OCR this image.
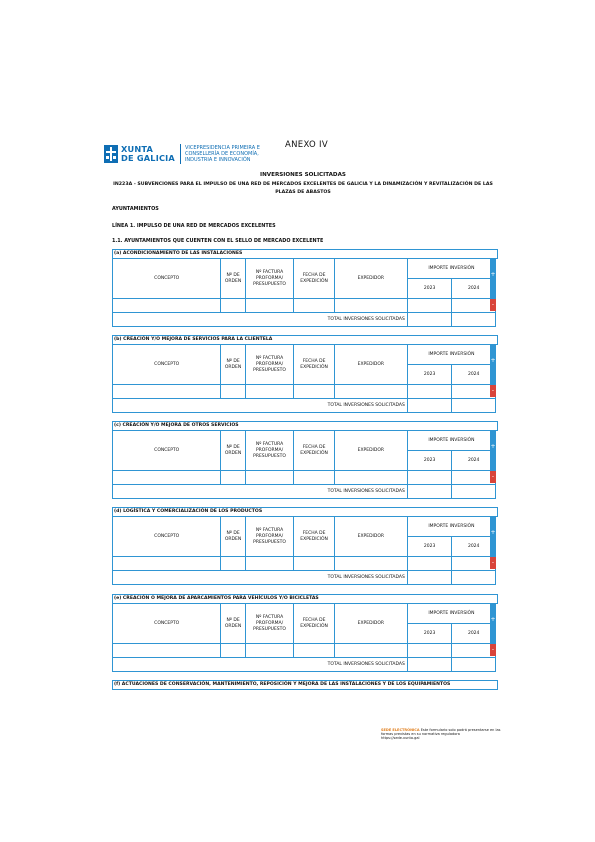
XUNTA
DE GALICIA
VICEPRESIDENCIA PRIMEIRA E
CONSELLERÍA DE ECONOMÍA,
INDUSTRIA E INNOVACIÓN
ANEXO IV
INVERSIONES SOLICITADAS
IN223A - SUBVENCIONES PARA EL IMPULSO DE UNA RED DE MERCADOS EXCELENTES DE GALICIA Y LA DINAMIZACIÓN Y REVITALIZACIÓN DE LAS PLAZAS DE ABASTOS
AYUNTAMIENTOS
LÍNEA 1. IMPULSO DE UNA RED DE MERCADOS EXCELENTES
1.1. AYUNTAMIENTOS QUE CUENTEN CON EL SELLO DE MERCADO EXCELENTE
(a) ACONDICIONAMIENTO DE LAS INSTALACIONES
CONCEPTO	Nº DE ORDEN	Nº FACTURA PROFORMA/ PRESUPUESTO	FECHA DE EXPEDICIÓN	EXPEDIDOR	IMPORTE INVERSIÓN	
					2023	2024

TOTAL INVERSIONES SOLICITADAS						
+
-
(b) CREACIÓN Y/O MEJORA DE SERVICIOS PARA LA CLIENTELA
CONCEPTO	Nº DE ORDEN	Nº FACTURA PROFORMA/ PRESUPUESTO	FECHA DE EXPEDICIÓN	EXPEDIDOR	IMPORTE INVERSIÓN	
					2023	2024

TOTAL INVERSIONES SOLICITADAS						
+
-
(c) CREACIÓN Y/O MEJORA DE OTROS SERVICIOS
CONCEPTO	Nº DE ORDEN	Nº FACTURA PROFORMA/ PRESUPUESTO	FECHA DE EXPEDICIÓN	EXPEDIDOR	IMPORTE INVERSIÓN	
					2023	2024

TOTAL INVERSIONES SOLICITADAS						
+
-
(d) LOGÍSTICA Y COMERCIALIZACIÓN DE LOS PRODUCTOS
CONCEPTO	Nº DE ORDEN	Nº FACTURA PROFORMA/ PRESUPUESTO	FECHA DE EXPEDICIÓN	EXPEDIDOR	IMPORTE INVERSIÓN	
					2023	2024

TOTAL INVERSIONES SOLICITADAS						
+
-
(e) CREACIÓN O MEJORA DE APARCAMIENTOS PARA VEHÍCULOS Y/O BICICLETAS
CONCEPTO	Nº DE ORDEN	Nº FACTURA PROFORMA/ PRESUPUESTO	FECHA DE EXPEDICIÓN	EXPEDIDOR	IMPORTE INVERSIÓN	
					2023	2024

TOTAL INVERSIONES SOLICITADAS						
+
-
(f) ACTUACIONES DE CONSERVACIÓN, MANTENIMIENTO, REPOSICIÓN Y MEJORA DE LAS INSTALACIONES Y DE LOS EQUIPAMIENTOS
SEDE ELECTRÓNICA Este formulario solo podrá presentarse en las formas previstas en su normativa reguladora
https://sede.xunta.gal
